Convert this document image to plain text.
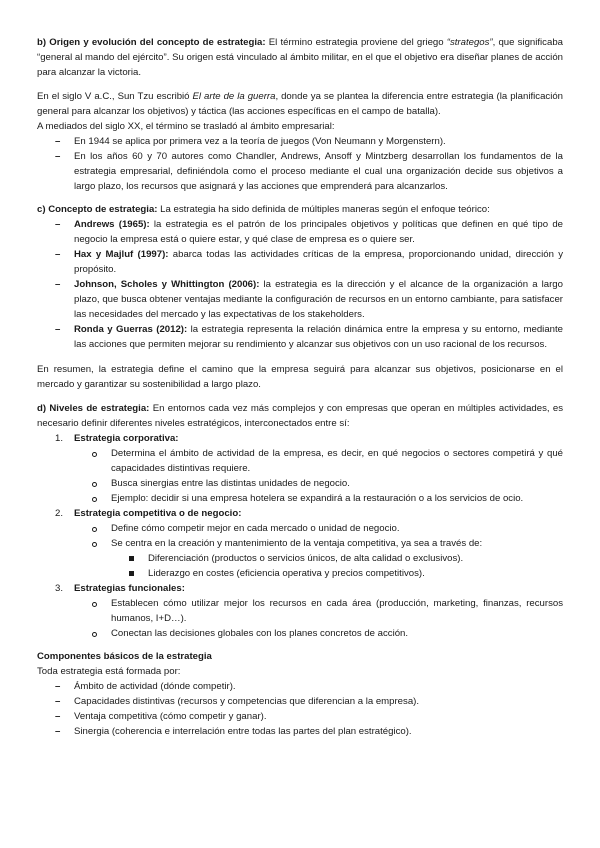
b) Origen y evolución del concepto de estrategia: El término estrategia proviene del griego “strategos”, que significaba “general al mando del ejército”. Su origen está vinculado al ámbito militar, en el que el objetivo era diseñar planes de acción para alcanzar la victoria.

En el siglo V a.C., Sun Tzu escribió El arte de la guerra, donde ya se plantea la diferencia entre estrategia (la planificación general para alcanzar los objetivos) y táctica (las acciones específicas en el campo de batalla).

A mediados del siglo XX, el término se trasladó al ámbito empresarial:

– En 1944 se aplica por primera vez a la teoría de juegos (Von Neumann y Morgenstern).
– En los años 60 y 70 autores como Chandler, Andrews, Ansoff y Mintzberg desarrollan los fundamentos de la estrategia empresarial, definiéndola como el proceso mediante el cual una organización decide sus objetivos a largo plazo, los recursos que asignará y las acciones que emprenderá para alcanzarlos.

c) Concepto de estrategia: La estrategia ha sido definida de múltiples maneras según el enfoque teórico:

– Andrews (1965): la estrategia es el patrón de los principales objetivos y políticas que definen en qué tipo de negocio la empresa está o quiere estar, y qué clase de empresa es o quiere ser.
– Hax y Majluf (1997): abarca todas las actividades críticas de la empresa, proporcionando unidad, dirección y propósito.
– Johnson, Scholes y Whittington (2006): la estrategia es la dirección y el alcance de la organización a largo plazo, que busca obtener ventajas mediante la configuración de recursos en un entorno cambiante, para satisfacer las necesidades del mercado y las expectativas de los stakeholders.
– Ronda y Guerras (2012): la estrategia representa la relación dinámica entre la empresa y su entorno, mediante las acciones que permiten mejorar su rendimiento y alcanzar sus objetivos con un uso racional de los recursos.

En resumen, la estrategia define el camino que la empresa seguirá para alcanzar sus objetivos, posicionarse en el mercado y garantizar su sostenibilidad a largo plazo.

d) Niveles de estrategia: En entornos cada vez más complejos y con empresas que operan en múltiples actividades, es necesario definir diferentes niveles estratégicos, interconectados entre sí:

1. Estrategia corporativa:
Determina el ámbito de actividad de la empresa, es decir, en qué negocios o sectores competirá y qué capacidades distintivas requiere.
Busca sinergias entre las distintas unidades de negocio.
Ejemplo: decidir si una empresa hotelera se expandirá a la restauración o a los servicios de ocio.
2. Estrategia competitiva o de negocio:
Define cómo competir mejor en cada mercado o unidad de negocio.
Se centra en la creación y mantenimiento de la ventaja competitiva, ya sea a través de:
Diferenciación (productos o servicios únicos, de alta calidad o exclusivos).
Liderazgo en costes (eficiencia operativa y precios competitivos).
3. Estrategias funcionales:
Establecen cómo utilizar mejor los recursos en cada área (producción, marketing, finanzas, recursos humanos, I+D…).
Conectan las decisiones globales con los planes concretos de acción.

Componentes básicos de la estrategia

Toda estrategia está formada por:

– Ámbito de actividad (dónde competir).
– Capacidades distintivas (recursos y competencias que diferencian a la empresa).
– Ventaja competitiva (cómo competir y ganar).
– Sinergia (coherencia e interrelación entre todas las partes del plan estratégico).
